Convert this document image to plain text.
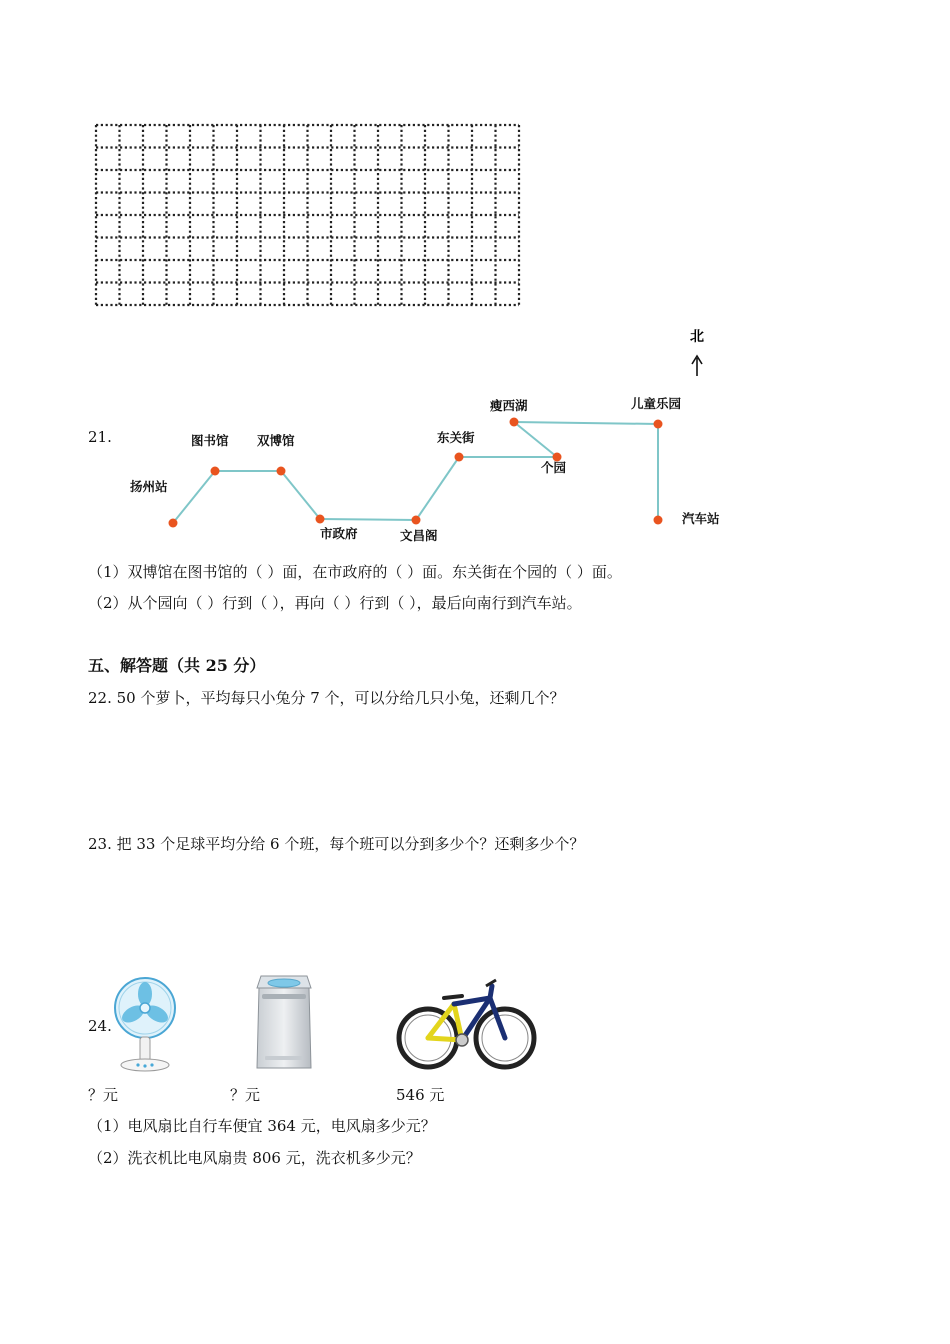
21.
北
扬州站
图书馆 双博馆
市政府	文昌阁
东关街
瘦西湖
个园
儿童乐园
汽车站
（1）双博馆在图书馆的（ ）面，在市政府的（ ）面。东关街在个园的（ ）面。
（2）从个园向（ ）行到（ ），再向（ ）行到（ ），最后向南行到汽车站。
五、解答题（共 25 分）
22. 50 个萝卜，平均每只小兔分 7 个，可以分给几只小兔，还剩几个？
23. 把 33 个足球平均分给 6 个班，每个班可以分到多少个？还剩多少个？
24.
？元	？元	546 元
（1）电风扇比自行车便宜 364 元，电风扇多少元？
（2）洗衣机比电风扇贵 806 元，洗衣机多少元？
